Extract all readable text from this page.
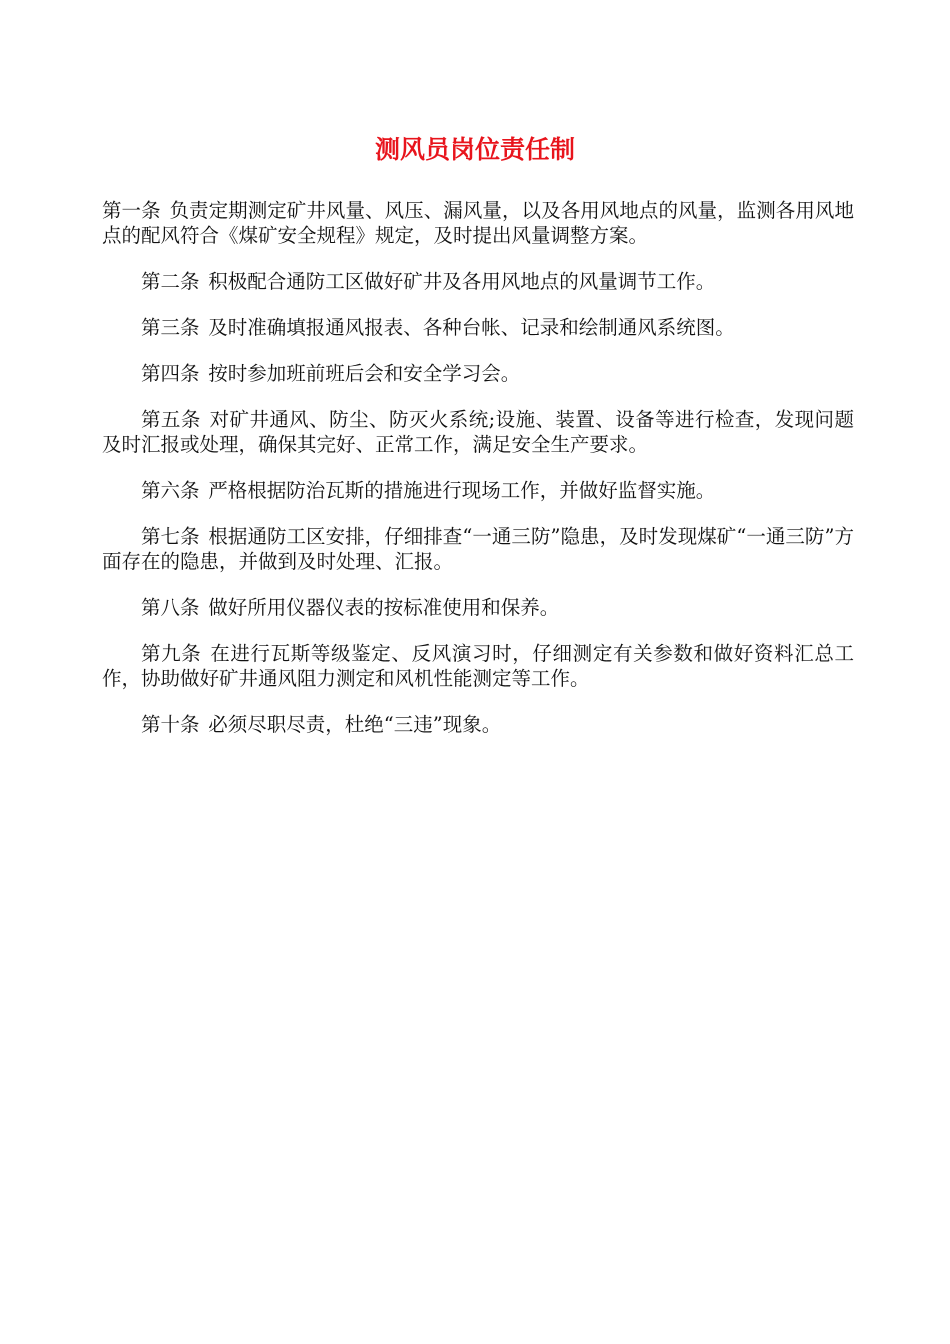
测风员岗位责任制

第一条 负责定期测定矿井风量、风压、漏风量，以及各用风地点的风量，监测各用风地点的配风符合《煤矿安全规程》规定，及时提出风量调整方案。

第二条 积极配合通防工区做好矿井及各用风地点的风量调节工作。

第三条 及时准确填报通风报表、各种台帐、记录和绘制通风系统图。

第四条 按时参加班前班后会和安全学习会。

第五条 对矿井通风、防尘、防灭火系统;设施、装置、设备等进行检查，发现问题及时汇报或处理，确保其完好、正常工作，满足安全生产要求。

第六条 严格根据防治瓦斯的措施进行现场工作，并做好监督实施。

第七条 根据通防工区安排，仔细排查“一通三防”隐患，及时发现煤矿“一通三防”方面存在的隐患，并做到及时处理、汇报。

第八条 做好所用仪器仪表的按标准使用和保养。

第九条 在进行瓦斯等级鉴定、反风演习时，仔细测定有关参数和做好资料汇总工作，协助做好矿井通风阻力测定和风机性能测定等工作。

第十条 必须尽职尽责，杜绝“三违”现象。
